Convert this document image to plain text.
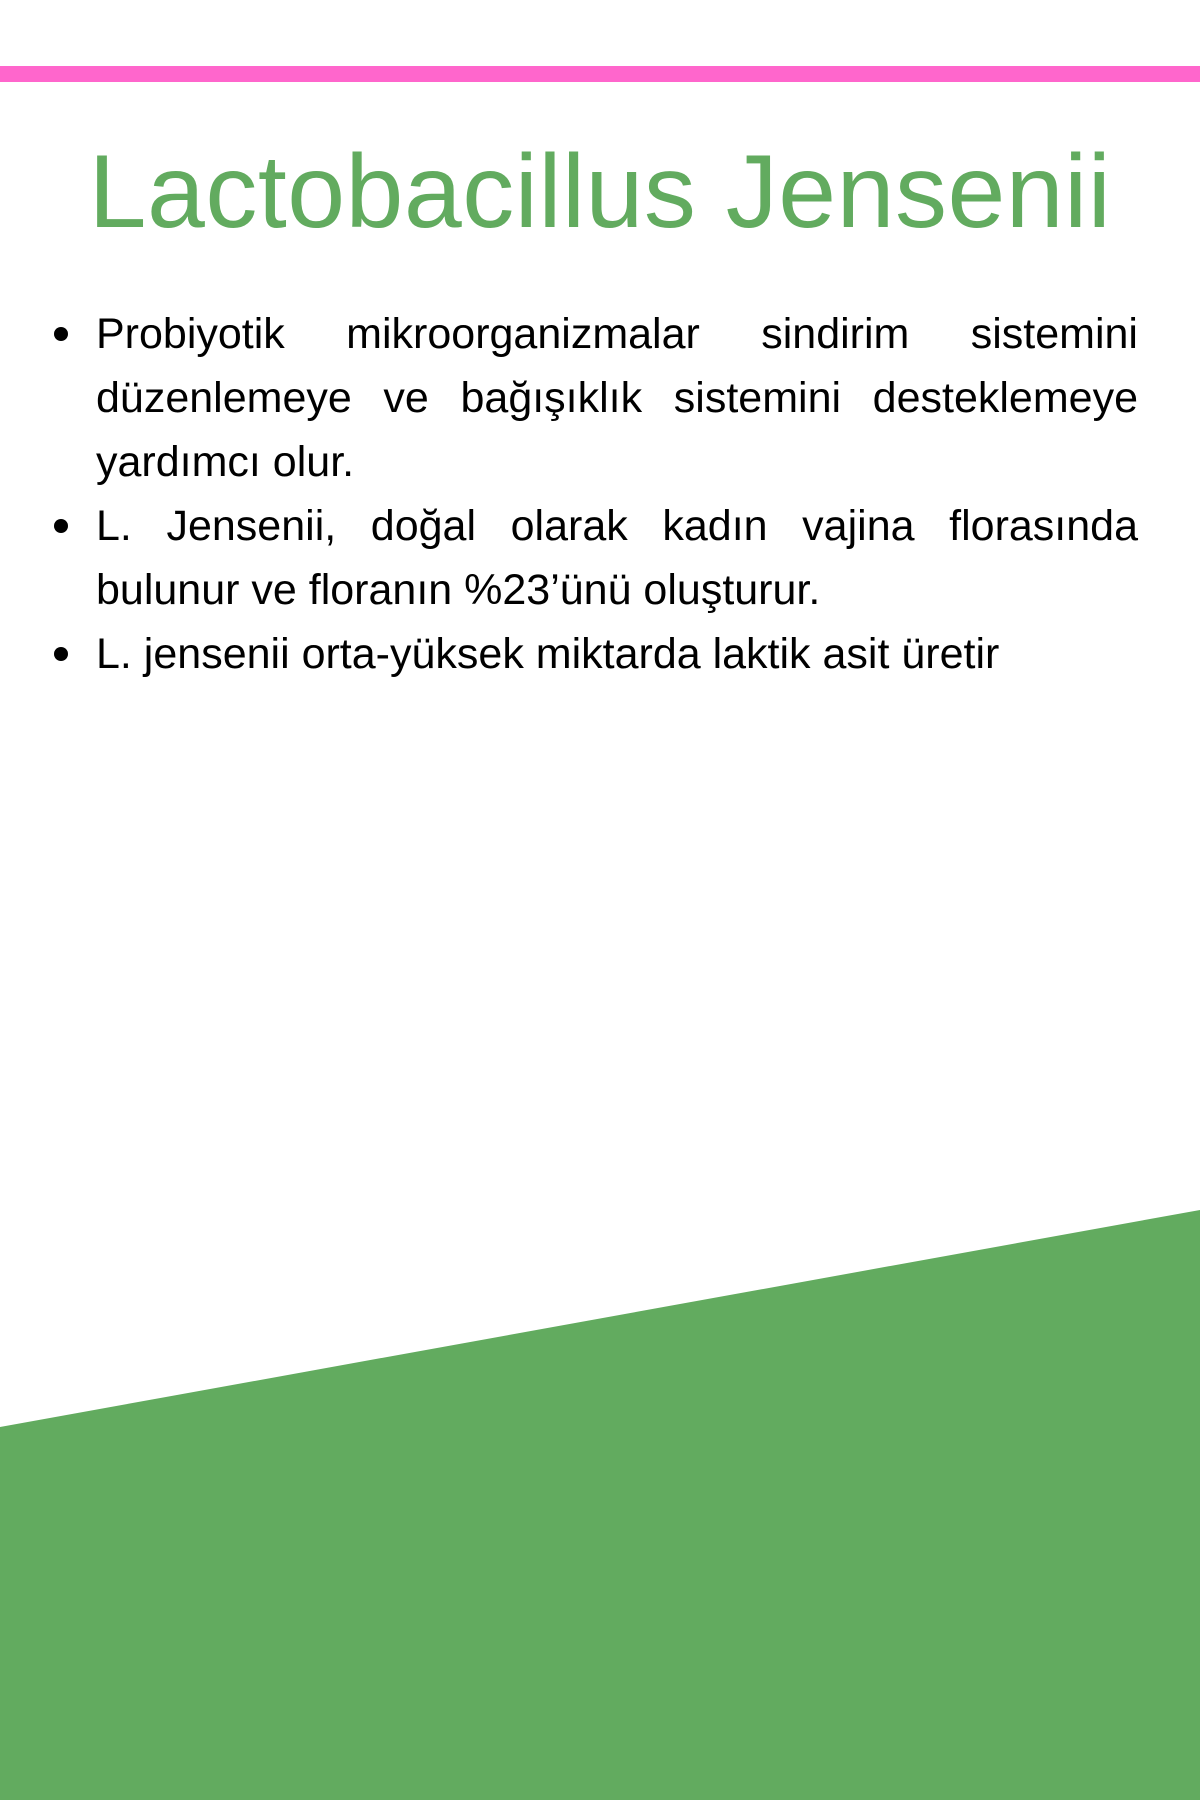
Lactobacillus Jensenii
Probiyotik mikroorganizmalar sindirim sistemini düzenlemeye ve bağışıklık sistemini desteklemeye yardımcı olur.
L. Jensenii, doğal olarak kadın vajina florasında bulunur ve floranın %23’ünü oluşturur.
L. jensenii orta-yüksek miktarda laktik asit üretir
